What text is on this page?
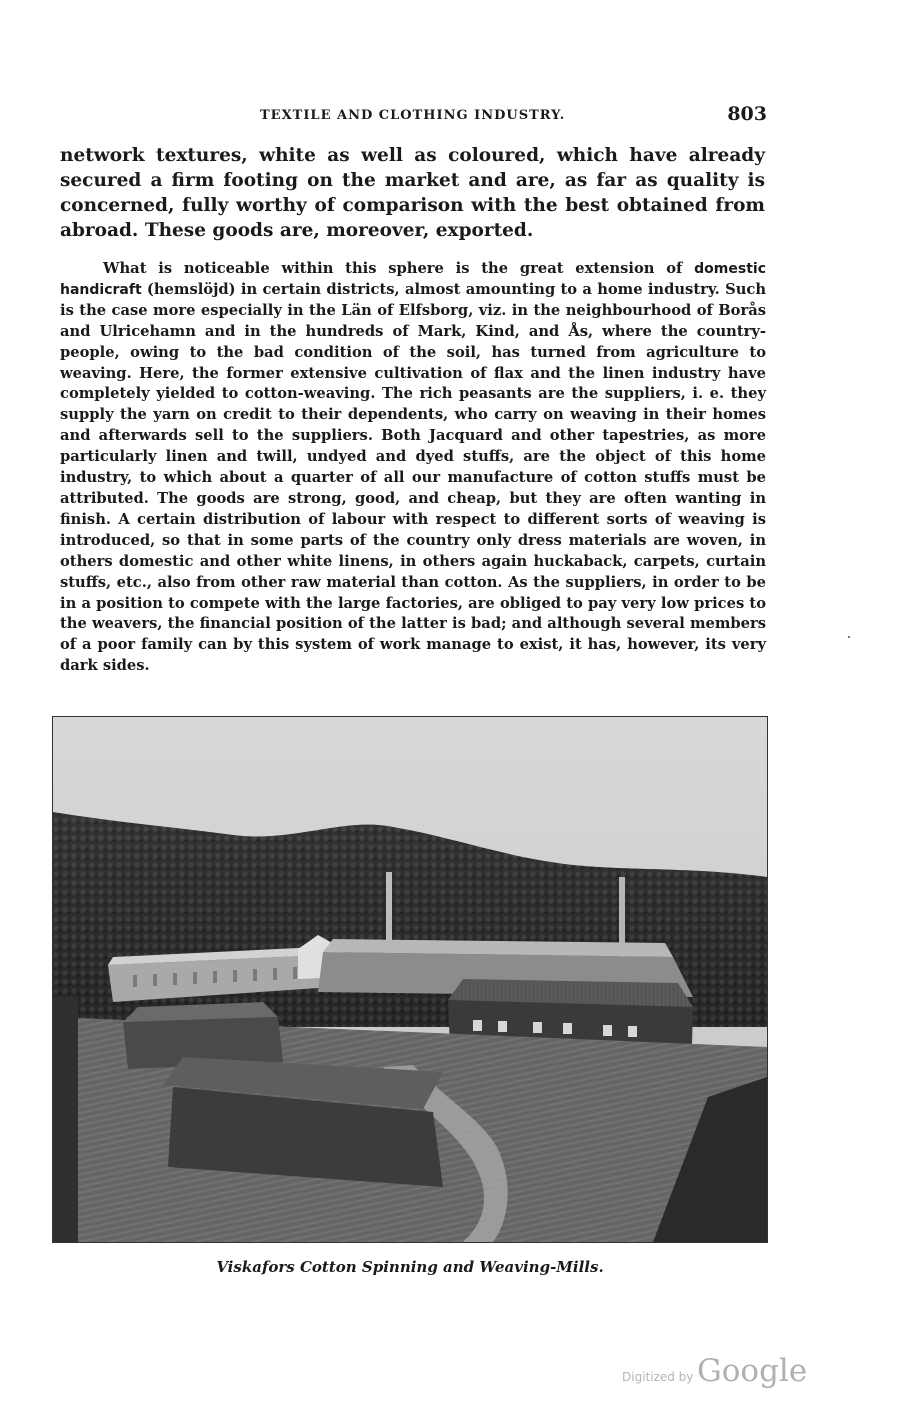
TEXTILE AND CLOTHING INDUSTRY.	803

network textures, white as well as coloured, which have already secured a firm footing on the market and are, as far as quality is concerned, fully worthy of comparison with the best obtained from abroad. These goods are, moreover, exported.

What is noticeable within this sphere is the great extension of domestic handicraft (hemslöjd) in certain districts, almost amounting to a home industry. Such is the case more especially in the Län of Elfsborg, viz. in the neighbourhood of Borås and Ulricehamn and in the hundreds of Mark, Kind, and Ås, where the country-people, owing to the bad condition of the soil, has turned from agriculture to weaving. Here, the former extensive cultivation of flax and the linen industry have completely yielded to cotton-weaving. The rich peasants are the suppliers, i. e. they supply the yarn on credit to their dependents, who carry on weaving in their homes and afterwards sell to the suppliers. Both Jacquard and other tapestries, as more particularly linen and twill, undyed and dyed stuffs, are the object of this home industry, to which about a quarter of all our manufacture of cotton stuffs must be attributed. The goods are strong, good, and cheap, but they are often wanting in finish. A certain distribution of labour with respect to different sorts of weaving is introduced, so that in some parts of the country only dress materials are woven, in others domestic and other white linens, in others again huckaback, carpets, curtain stuffs, etc., also from other raw material than cotton. As the suppliers, in order to be in a position to compete with the large factories, are obliged to pay very low prices to the weavers, the financial position of the latter is bad; and although several members of a poor family can by this system of work manage to exist, it has, however, its very dark sides.

Viskafors Cotton Spinning and Weaving-Mills.
Digitized by Google
